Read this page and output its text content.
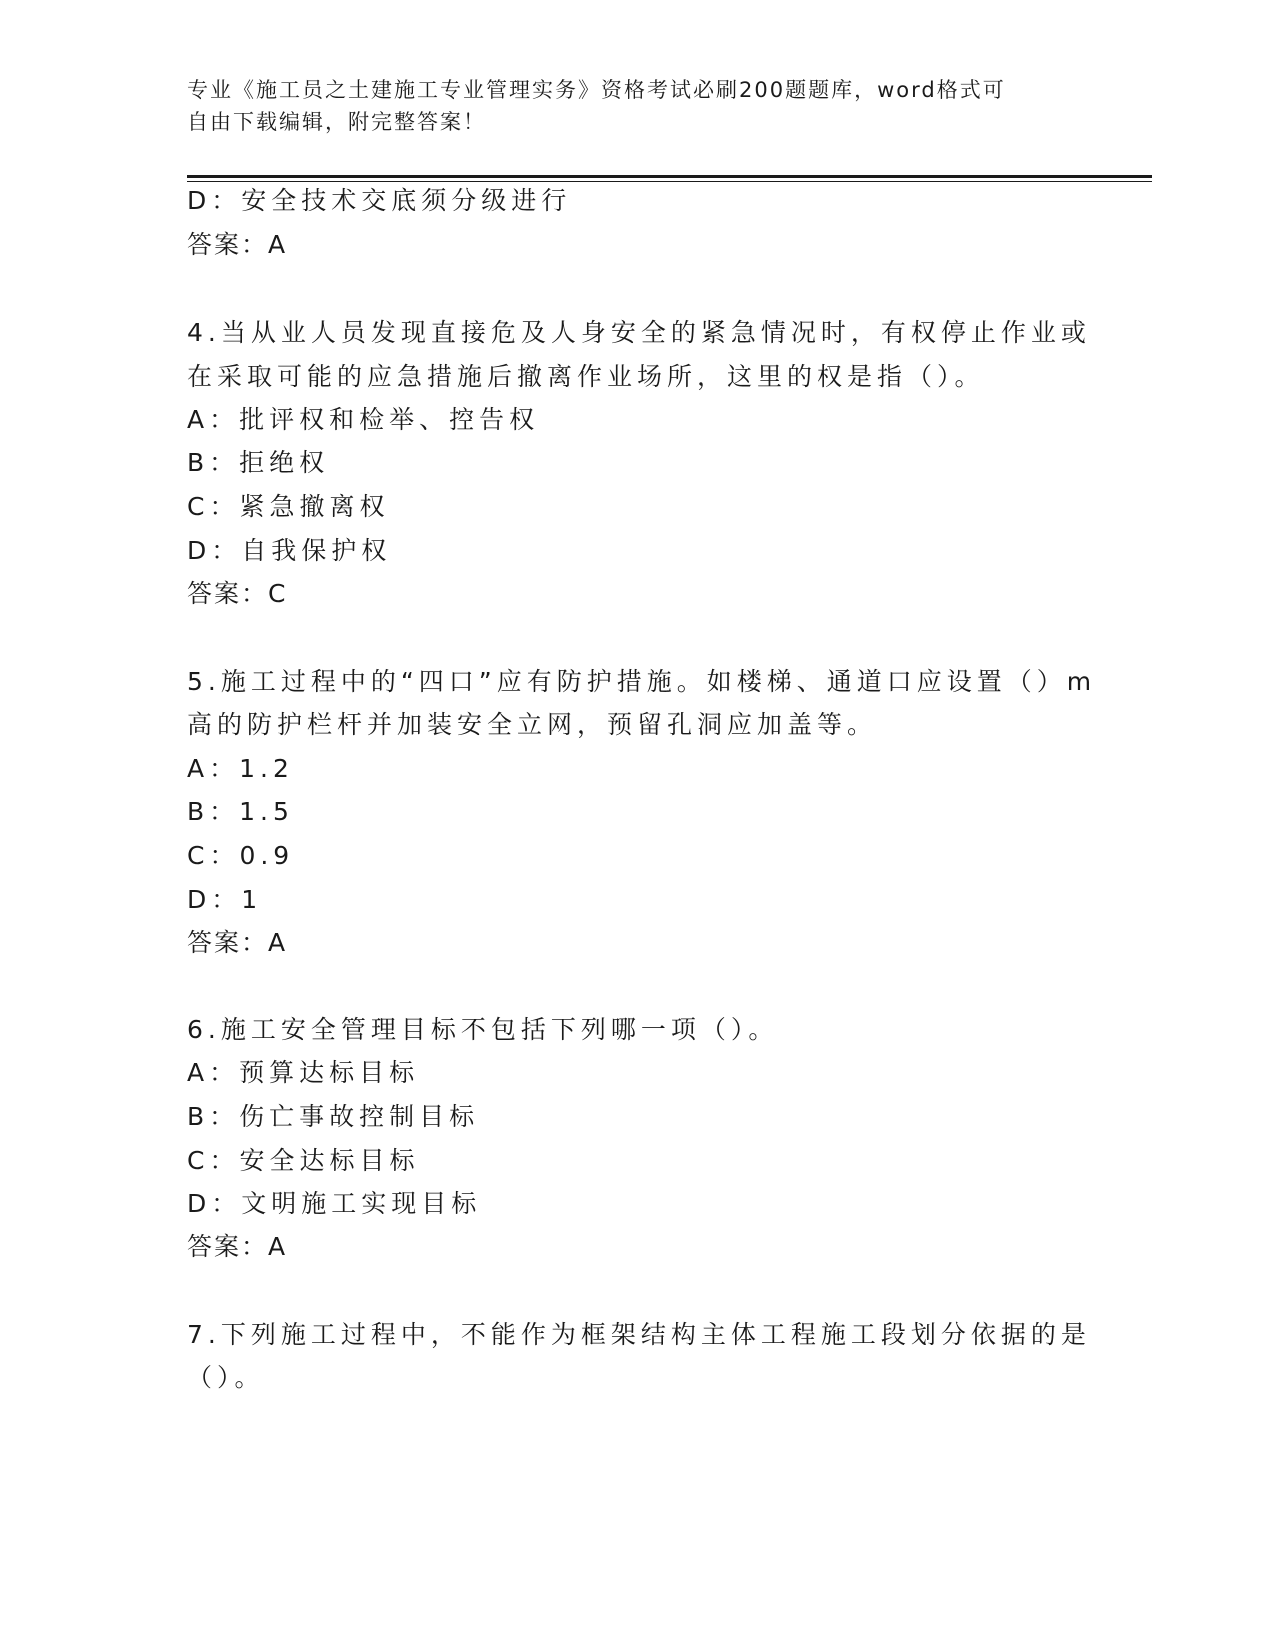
专业《施工员之土建施工专业管理实务》资格考试必刷200题题库，word格式可
自由下载编辑，附完整答案！
D：安全技术交底须分级进行
答案：A
4.当从业人员发现直接危及人身安全的紧急情况时，有权停止作业或
在采取可能的应急措施后撤离作业场所，这里的权是指（）。
A：批评权和检举、控告权
B：拒绝权
C：紧急撤离权
D：自我保护权
答案：C
5.施工过程中的“四口”应有防护措施。如楼梯、通道口应设置（）m
高的防护栏杆并加装安全立网，预留孔洞应加盖等。
A：1.2
B：1.5
C：0.9
D：1
答案：A
6.施工安全管理目标不包括下列哪一项（）。
A：预算达标目标
B：伤亡事故控制目标
C：安全达标目标
D：文明施工实现目标
答案：A
7.下列施工过程中，不能作为框架结构主体工程施工段划分依据的是
（）。
